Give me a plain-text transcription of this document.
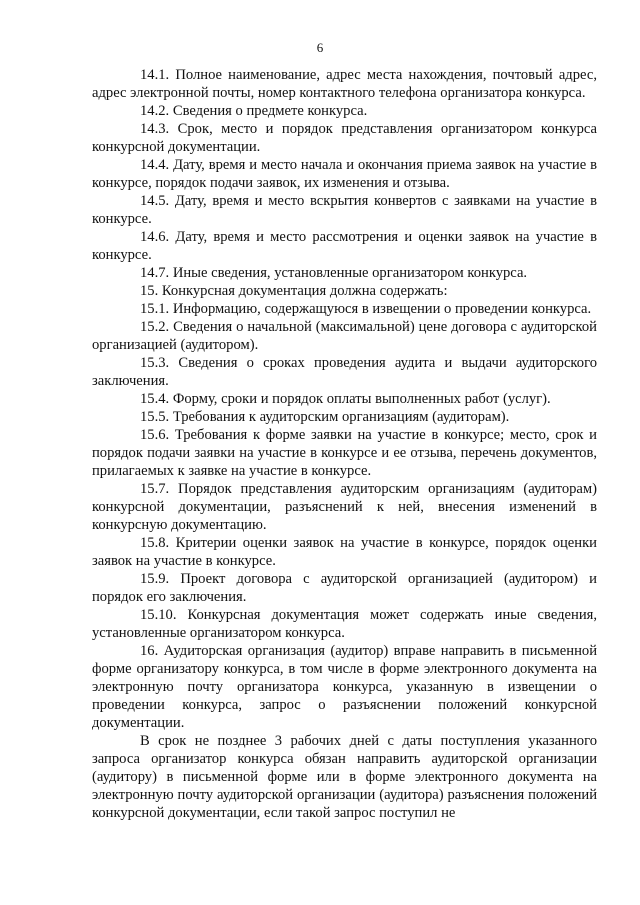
6

14.1. Полное наименование, адрес места нахождения, почтовый адрес, адрес электронной почты, номер контактного телефона организатора конкурса.

14.2. Сведения о предмете конкурса.

14.3. Срок, место и порядок представления организатором конкурса конкурсной документации.

14.4. Дату, время и место начала и окончания приема заявок на участие в конкурсе, порядок подачи заявок, их изменения и отзыва.

14.5. Дату, время и место вскрытия конвертов с заявками на участие в конкурсе.

14.6. Дату, время и место рассмотрения и оценки заявок на участие в конкурсе.

14.7. Иные сведения, установленные организатором конкурса.

15. Конкурсная документация должна содержать:

15.1. Информацию, содержащуюся в извещении о проведении конкурса.

15.2. Сведения о начальной (максимальной) цене договора с аудиторской организацией (аудитором).

15.3. Сведения о сроках проведения аудита и выдачи аудиторского заключения.

15.4. Форму, сроки и порядок оплаты выполненных работ (услуг).

15.5. Требования к аудиторским организациям (аудиторам).

15.6. Требования к форме заявки на участие в конкурсе; место, срок и порядок подачи заявки на участие в конкурсе и ее отзыва, перечень документов, прилагаемых к заявке на участие в конкурсе.

15.7. Порядок представления аудиторским организациям (аудиторам) конкурсной документации, разъяснений к ней, внесения изменений в конкурсную документацию.

15.8. Критерии оценки заявок на участие в конкурсе, порядок оценки заявок на участие в конкурсе.

15.9. Проект договора с аудиторской организацией (аудитором) и порядок его заключения.

15.10. Конкурсная документация может содержать иные сведения, установленные организатором конкурса.

16. Аудиторская организация (аудитор) вправе направить в письменной форме организатору конкурса, в том числе в форме электронного документа на электронную почту организатора конкурса, указанную в извещении о проведении конкурса, запрос о разъяснении положений конкурсной документации.

В срок не позднее 3 рабочих дней с даты поступления указанного запроса организатор конкурса обязан направить аудиторской организации (аудитору) в письменной форме или в форме электронного документа на электронную почту аудиторской организации (аудитора) разъяснения положений конкурсной документации, если такой запрос поступил не
